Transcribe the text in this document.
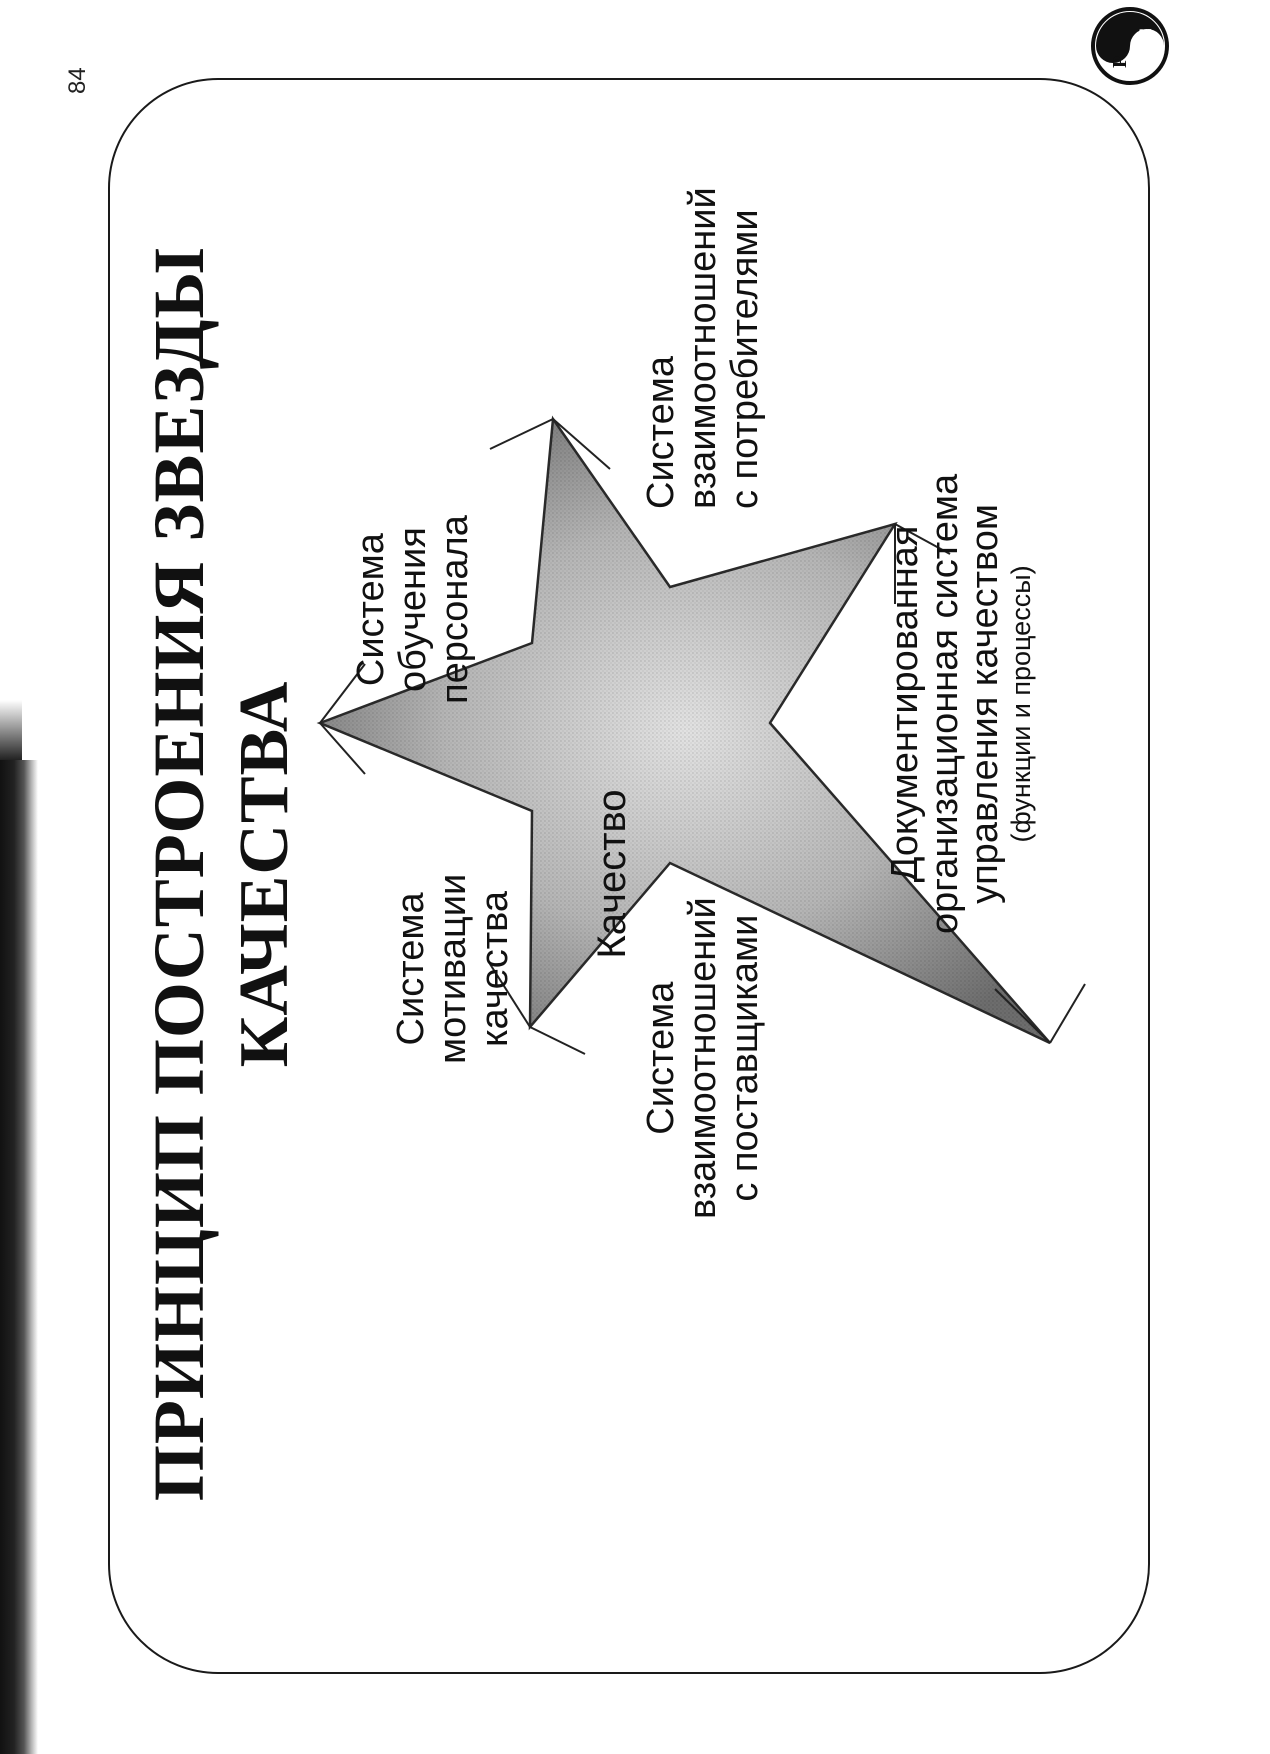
84
ПРИНЦИП ПОСТРОЕНИЯ ЗВЕЗДЫ КАЧЕСТВА
Р
С
Качество
Система мотивации качества
Система обучения персонала
Система взаимоотношений с потребителями
Система взаимоотношений с поставщиками
Документированная
организационная система
управления качеством (функции и процессы)
